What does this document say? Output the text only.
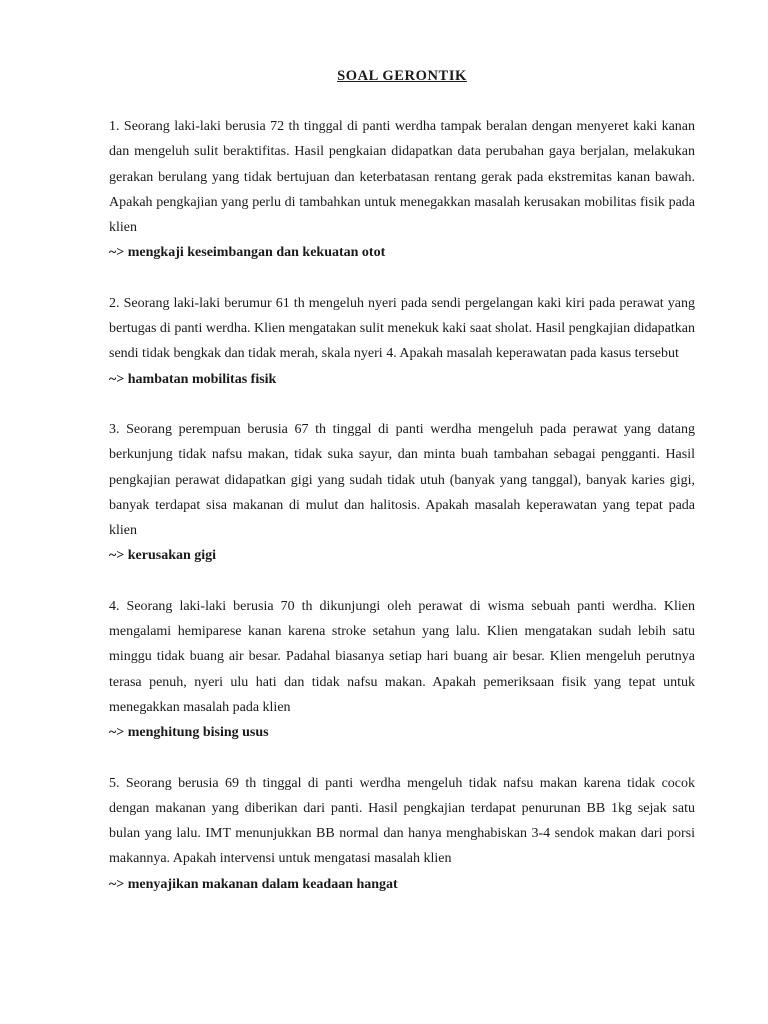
SOAL GERONTIK

1. Seorang laki-laki berusia 72 th tinggal di panti werdha tampak beralan dengan menyeret kaki kanan dan mengeluh sulit beraktifitas. Hasil pengkaian didapatkan data perubahan gaya berjalan, melakukan gerakan berulang yang tidak bertujuan dan keterbatasan rentang gerak pada ekstremitas kanan bawah. Apakah pengkajian yang perlu di tambahkan untuk menegakkan masalah kerusakan mobilitas fisik pada klien

~> mengkaji keseimbangan dan kekuatan otot

2. Seorang laki-laki berumur 61 th mengeluh nyeri pada sendi pergelangan kaki kiri pada perawat yang bertugas di panti werdha. Klien mengatakan sulit menekuk kaki saat sholat. Hasil pengkajian didapatkan sendi tidak bengkak dan tidak merah, skala nyeri 4. Apakah masalah keperawatan pada kasus tersebut

~> hambatan mobilitas fisik

3. Seorang perempuan berusia 67 th tinggal di panti werdha mengeluh pada perawat yang datang berkunjung tidak nafsu makan, tidak suka sayur, dan minta buah tambahan sebagai pengganti. Hasil pengkajian perawat didapatkan gigi yang sudah tidak utuh (banyak yang tanggal), banyak karies gigi, banyak terdapat sisa makanan di mulut dan halitosis. Apakah masalah keperawatan yang tepat pada klien

~> kerusakan gigi

4. Seorang laki-laki berusia 70 th dikunjungi oleh perawat di wisma sebuah panti werdha. Klien mengalami hemiparese kanan karena stroke setahun yang lalu. Klien mengatakan sudah lebih satu minggu tidak buang air besar. Padahal biasanya setiap hari buang air besar. Klien mengeluh perutnya terasa penuh, nyeri ulu hati dan tidak nafsu makan. Apakah pemeriksaan fisik yang tepat untuk menegakkan masalah pada klien

~> menghitung bising usus

5. Seorang berusia 69 th tinggal di panti werdha mengeluh tidak nafsu makan karena tidak cocok dengan makanan yang diberikan dari panti. Hasil pengkajian terdapat penurunan BB 1kg sejak satu bulan yang lalu. IMT menunjukkan BB normal dan hanya menghabiskan 3-4 sendok makan dari porsi makannya. Apakah intervensi untuk mengatasi masalah klien

~> menyajikan makanan dalam keadaan hangat
